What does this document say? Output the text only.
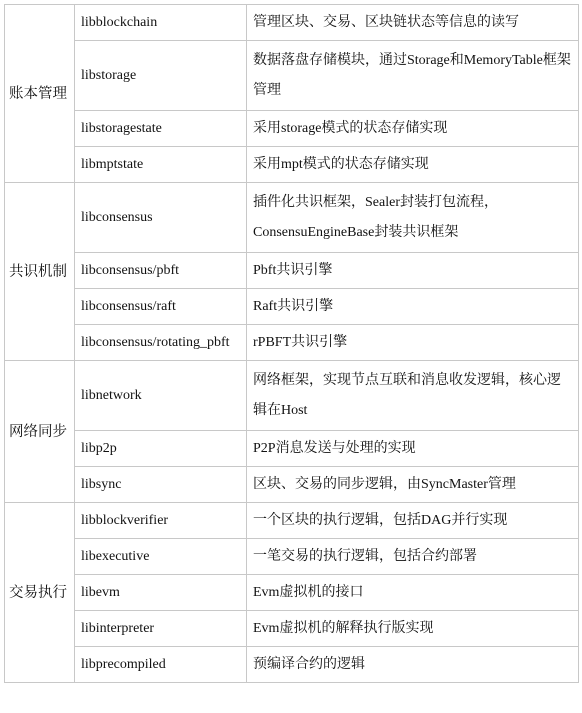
账本管理	libblockchain	管理区块、交易、区块链状态等信息的读写
	libstorage	数据落盘存储模块，通过Storage和MemoryTable框架管理
	libstoragestate	采用storage模式的状态存储实现
	libmptstate	采用mpt模式的状态存储实现
共识机制	libconsensus	插件化共识框架，Sealer封装打包流程，ConsensuEngineBase封装共识框架
	libconsensus/pbft	Pbft共识引擎
	libconsensus/raft	Raft共识引擎
	libconsensus/rotating_pbft	rPBFT共识引擎
网络同步	libnetwork	网络框架，实现节点互联和消息收发逻辑，核心逻辑在Host
	libp2p	P2P消息发送与处理的实现
	libsync	区块、交易的同步逻辑，由SyncMaster管理
交易执行	libblockverifier	一个区块的执行逻辑，包括DAG并行实现
	libexecutive	一笔交易的执行逻辑，包括合约部署
	libevm	Evm虚拟机的接口
	libinterpreter	Evm虚拟机的解释执行版实现
	libprecompiled	预编译合约的逻辑
